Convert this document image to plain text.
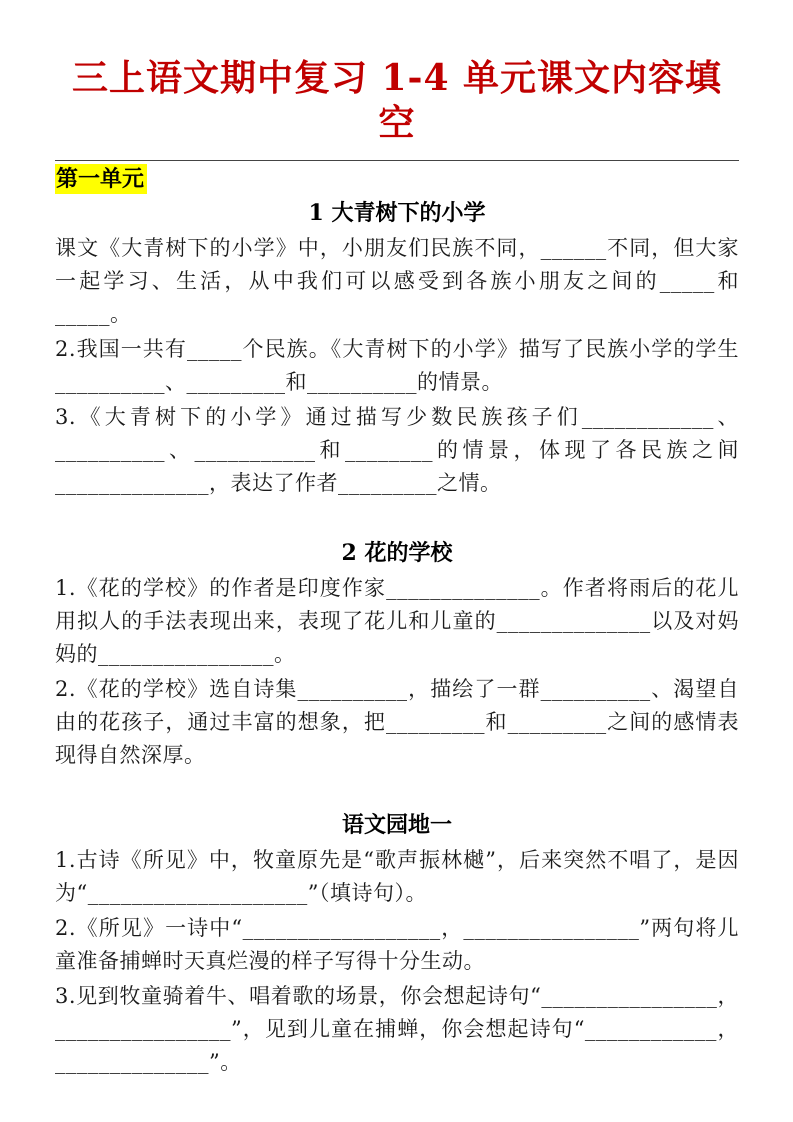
三上语文期中复习 1-4 单元课文内容填空
第一单元
1 大青树下的小学

课文《大青树下的小学》中，小朋友们民族不同，______不同，但大家一起学习、生活，从中我们可以感受到各族小朋友之间的_____和_____。

2.我国一共有_____个民族。《大青树下的小学》描写了民族小学的学生__________、_________和__________的情景。

3.《大青树下的小学》通过描写少数民族孩子们____________、__________、___________和________的情景，体现了各民族之间______________，表达了作者_________之情。

2 花的学校

1.《花的学校》的作者是印度作家______________。作者将雨后的花儿用拟人的手法表现出来，表现了花儿和儿童的______________以及对妈妈的________________。

2.《花的学校》选自诗集__________，描绘了一群__________、渴望自由的花孩子，通过丰富的想象，把_________和_________之间的感情表现得自然深厚。

语文园地一

1.古诗《所见》中，牧童原先是“歌声振林樾”，后来突然不唱了，是因为“____________________”（填诗句）。

2.《所见》一诗中“__________________，________________”两句将儿童准备捕蝉时天真烂漫的样子写得十分生动。

3.见到牧童骑着牛、唱着歌的场景，你会想起诗句“________________，________________”，见到儿童在捕蝉，你会想起诗句“____________，______________”。
